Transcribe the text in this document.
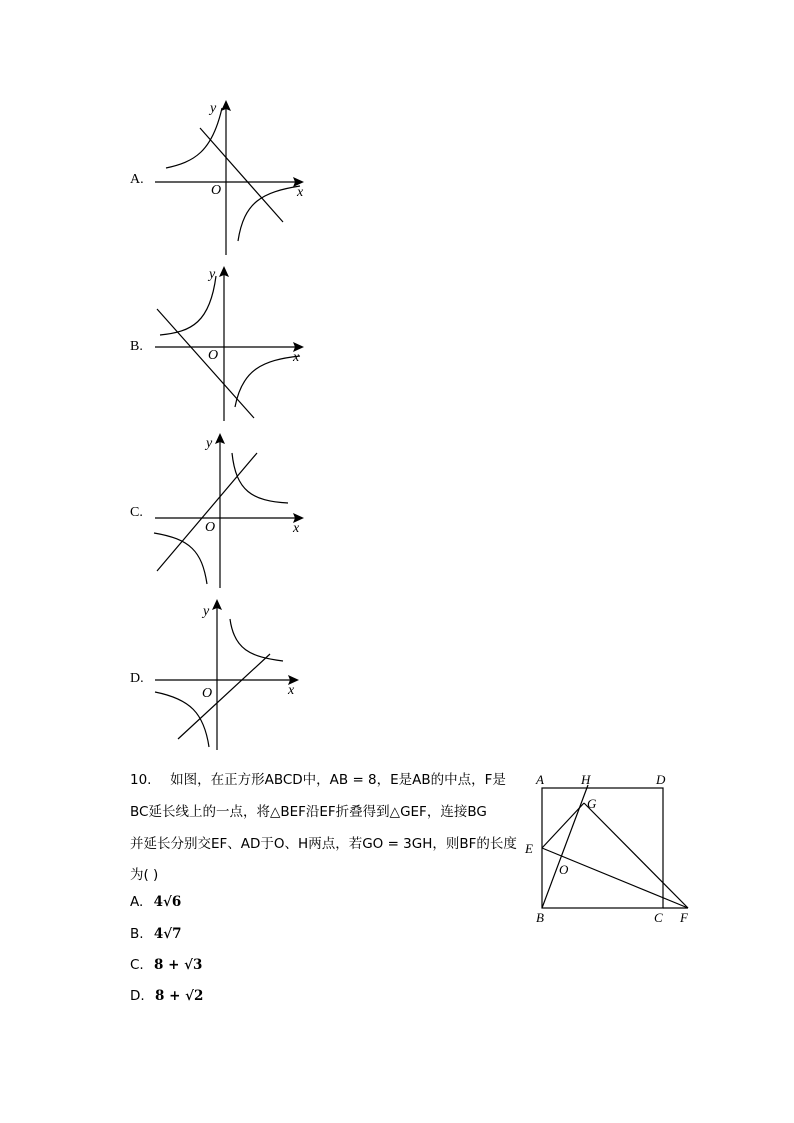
A.
x
y
O
B.
x
y
O
C.
x
y
O
D.
x
y
O
10. 如图，在正方形ABCD中，AB = 8，E是AB的中点，F是
BC延长线上的一点，将△BEF沿EF折叠得到△GEF，连接BG
并延长分别交EF、AD于O、H两点，若GO = 3GH，则BF的长度
为( )
A. 4√6
B. 4√7
C. 8 + √3
D. 8 + √2
A	H	D
G
E
O
B	C F
